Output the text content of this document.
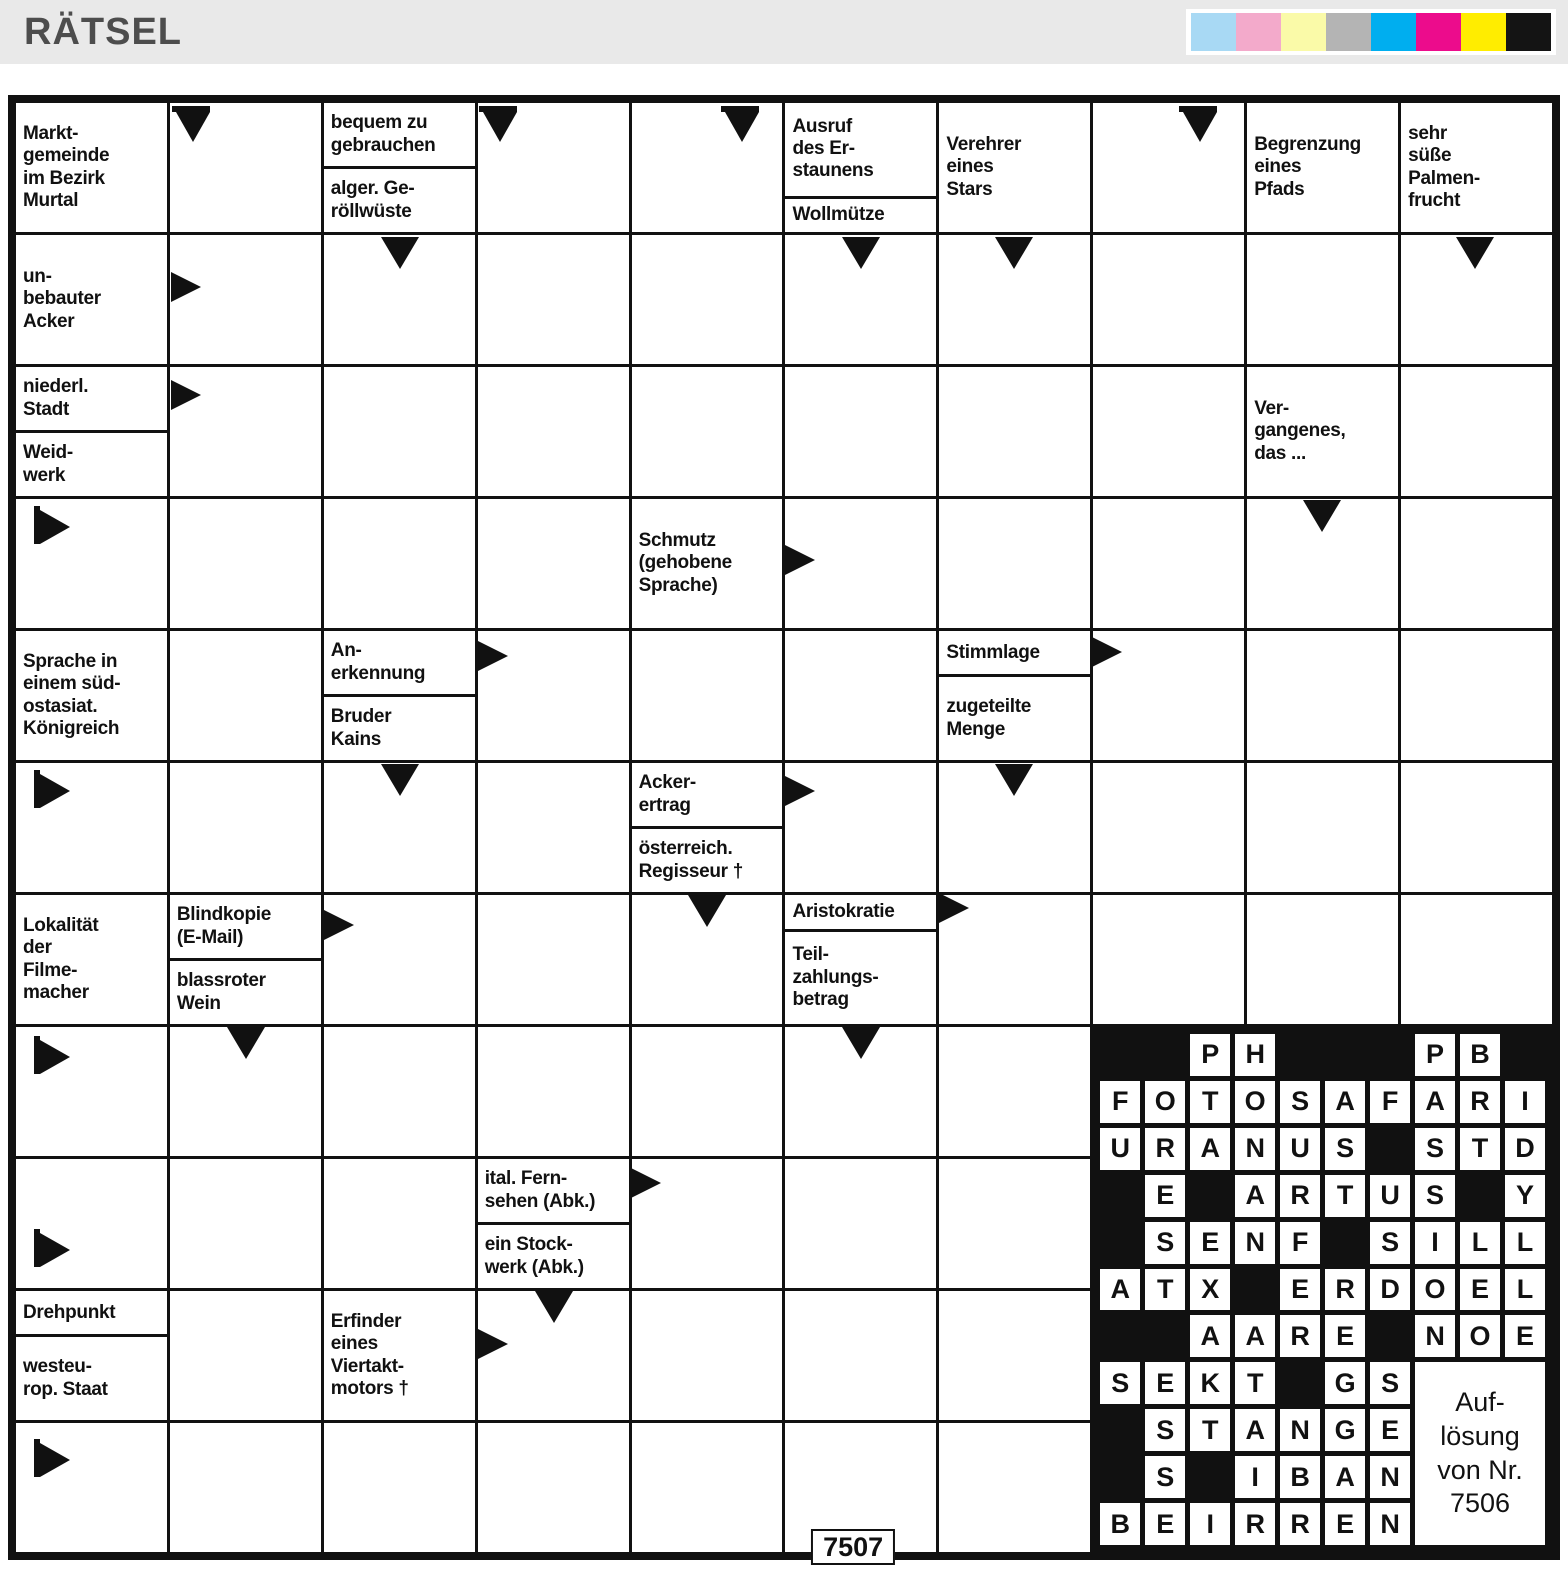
RÄTSEL
Auf-
lösung
von Nr.
7506
P H	P B
F O T O S A F A R	I
U R A N U S	S	T D
E	A R T U S	Y
S E N F	S	I	L	L
A T	X	E R D O E	L
A A R E	N O E
S E K T	G S
S	T A N G E
S	I	B A N
B E	I	R R E N
7507
Markt-
gemeinde
im Bezirk
Murtal
bequem zu
gebrauchen
alger. Ge-
röllwüste
Ausruf
des Er-
staunens
Wollmütze
Verehrer
eines
Stars
Begrenzung
eines
Pfads
sehr
süße
Palmen-
frucht
un-
bebauter
Acker
niederl.
Stadt
Weid-
werk
Ver-
gangenes,
das ...
Schmutz
(gehobene
Sprache)
Sprache in
einem süd-
ostasiat.
Königreich
An-
erkennung
Bruder
Kains
Stimmlage
zugeteilte
Menge
Acker-
ertrag
österreich.
Regisseur †
Lokalität
der
Filme-
macher
Blindkopie
(E-Mail)
blassroter
Wein
Aristokratie
Teil-
zahlungs-
betrag
ital. Fern-
sehen (Abk.)
ein Stock-
werk (Abk.)
Drehpunkt
westeu-
rop. Staat
Erfinder
eines
Viertakt-
motors †
